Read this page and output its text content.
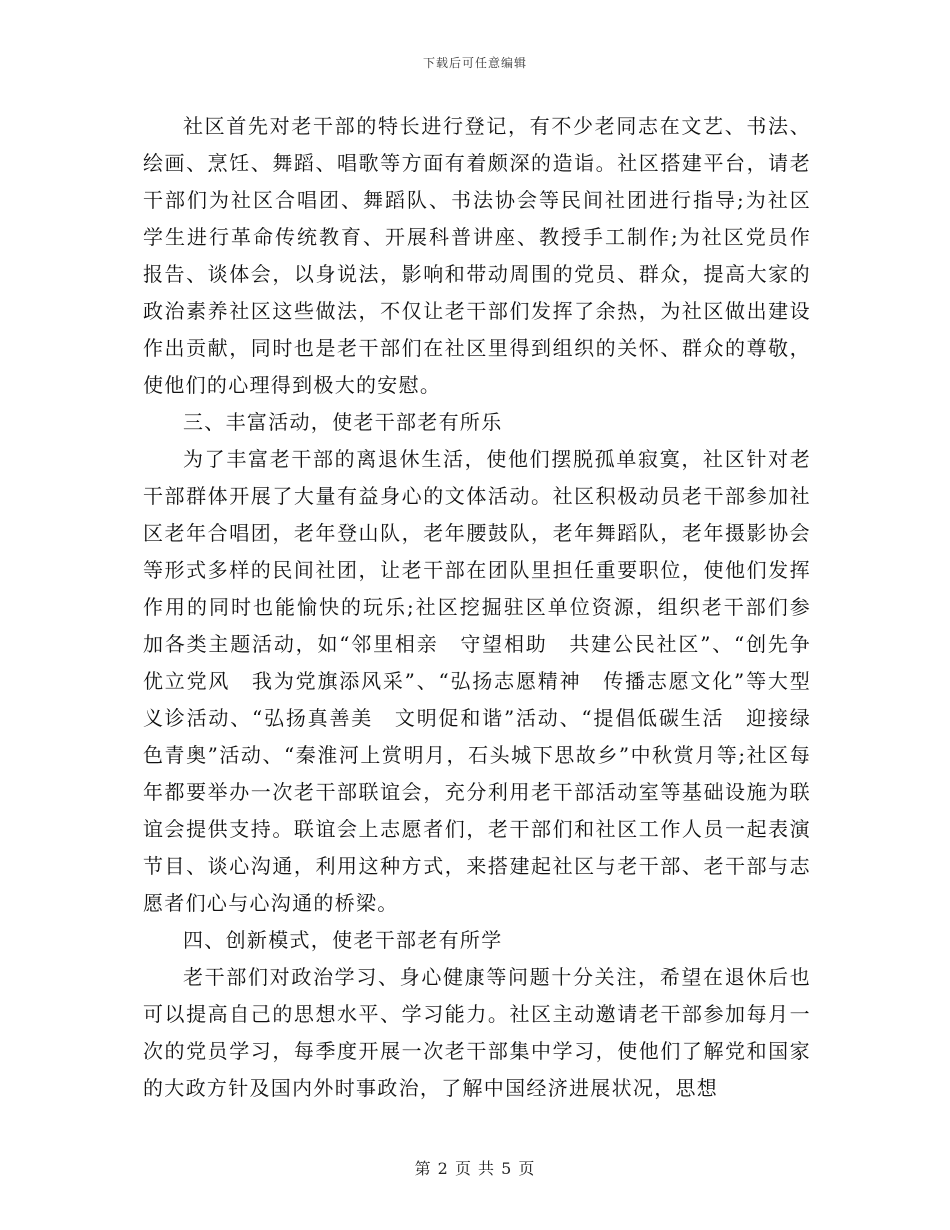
下载后可任意编辑

社区首先对老干部的特长进行登记，有不少老同志在文艺、书法、绘画、烹饪、舞蹈、唱歌等方面有着颇深的造诣。社区搭建平台，请老干部们为社区合唱团、舞蹈队、书法协会等民间社团进行指导;为社区学生进行革命传统教育、开展科普讲座、教授手工制作;为社区党员作报告、谈体会，以身说法，影响和带动周围的党员、群众，提高大家的政治素养社区这些做法，不仅让老干部们发挥了余热，为社区做出建设作出贡献，同时也是老干部们在社区里得到组织的关怀、群众的尊敬，使他们的心理得到极大的安慰。

三、丰富活动，使老干部老有所乐

为了丰富老干部的离退休生活，使他们摆脱孤单寂寞，社区针对老干部群体开展了大量有益身心的文体活动。社区积极动员老干部参加社区老年合唱团，老年登山队，老年腰鼓队，老年舞蹈队，老年摄影协会等形式多样的民间社团，让老干部在团队里担任重要职位，使他们发挥作用的同时也能愉快的玩乐;社区挖掘驻区单位资源，组织老干部们参加各类主题活动，如“邻里相亲　守望相助　共建公民社区”、“创先争优立党风　我为党旗添风采”、“弘扬志愿精神　传播志愿文化”等大型义诊活动、“弘扬真善美　文明促和谐”活动、“提倡低碳生活　迎接绿色青奥”活动、“秦淮河上赏明月，石头城下思故乡”中秋赏月等;社区每年都要举办一次老干部联谊会，充分利用老干部活动室等基础设施为联谊会提供支持。联谊会上志愿者们，老干部们和社区工作人员一起表演节目、谈心沟通，利用这种方式，来搭建起社区与老干部、老干部与志愿者们心与心沟通的桥梁。

四、创新模式，使老干部老有所学

老干部们对政治学习、身心健康等问题十分关注，希望在退休后也可以提高自己的思想水平、学习能力。社区主动邀请老干部参加每月一次的党员学习，每季度开展一次老干部集中学习，使他们了解党和国家的大政方针及国内外时事政治，了解中国经济进展状况，思想

第 2 页 共 5 页
